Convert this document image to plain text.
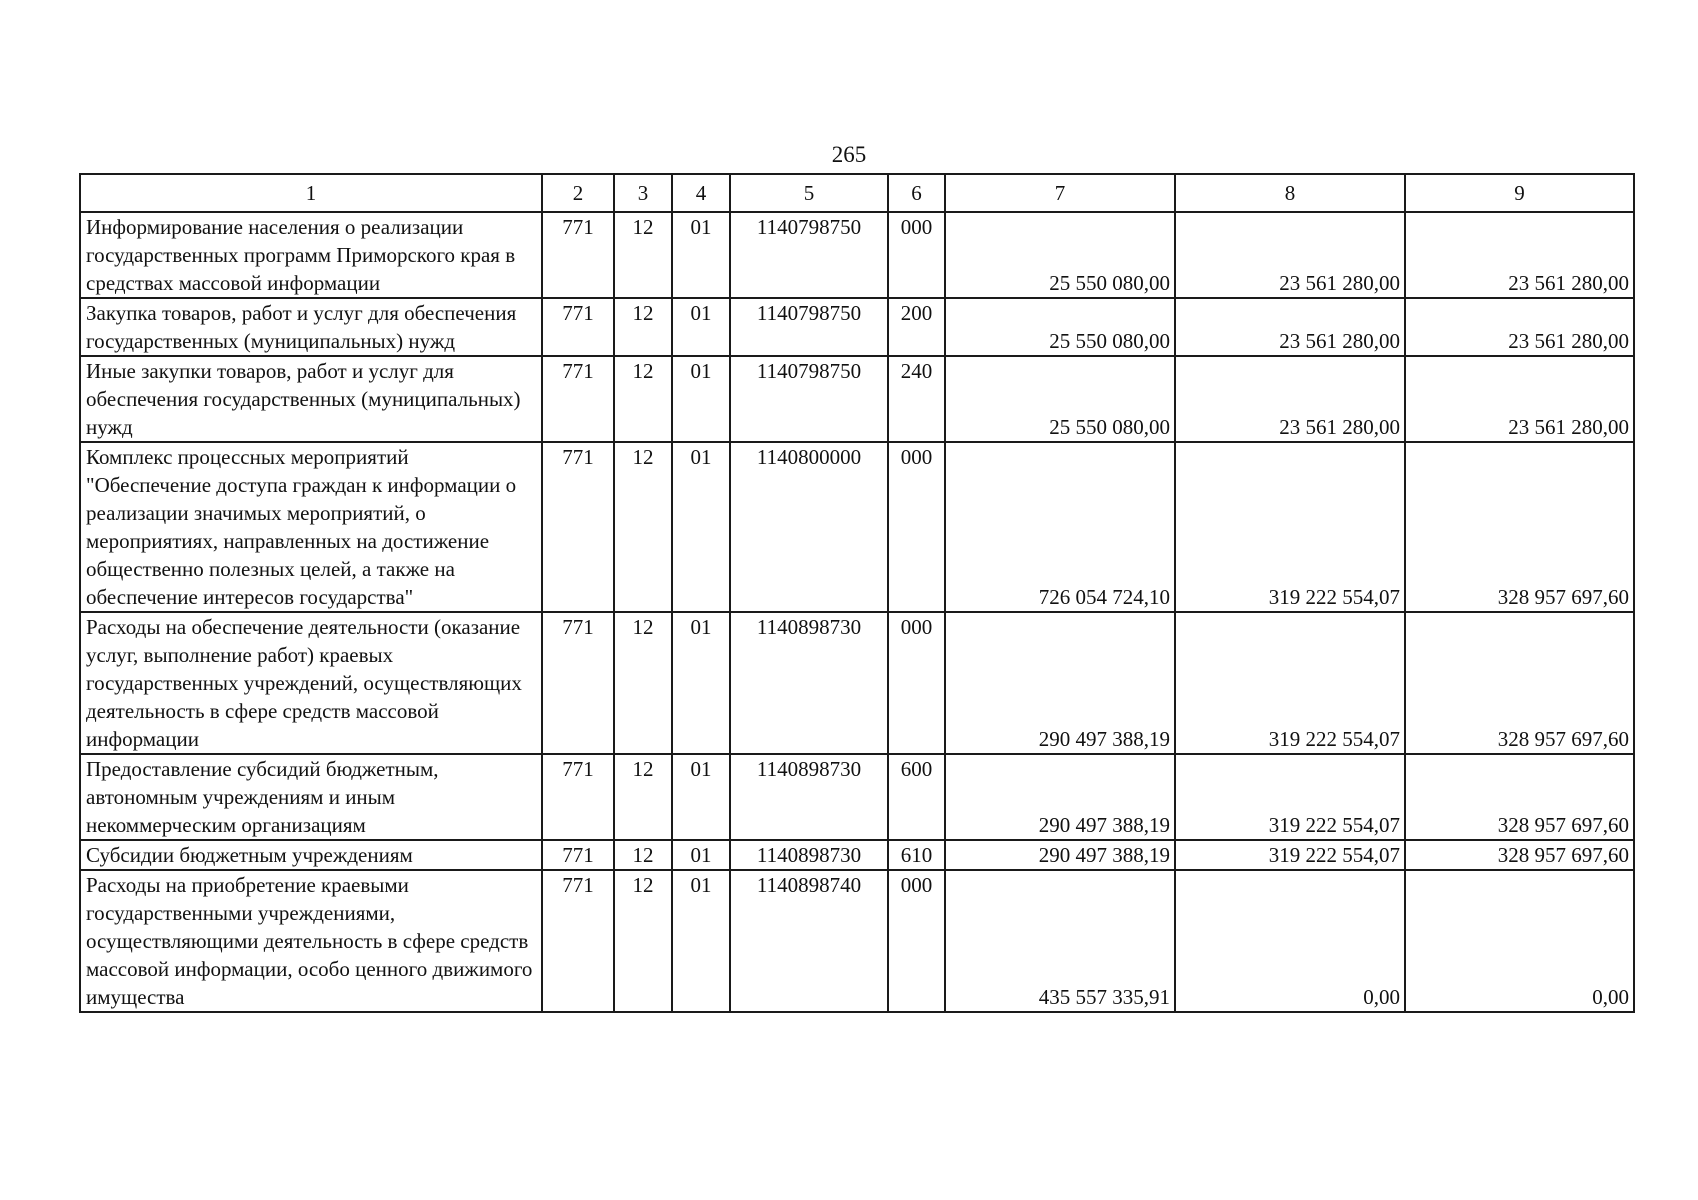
265
1	2	3	4	5	6	7	8	9
Информирование населения о реализации государственных программ Приморского края в средствах массовой информации	771	12	01	1140798750	000	25 550 080,00	23 561 280,00	23 561 280,00
Закупка товаров, работ и услуг для обеспечения государственных (муниципальных) нужд	771	12	01	1140798750	200	25 550 080,00	23 561 280,00	23 561 280,00
Иные закупки товаров, работ и услуг для обеспечения государственных (муниципальных) нужд	771	12	01	1140798750	240	25 550 080,00	23 561 280,00	23 561 280,00
Комплекс процессных мероприятий "Обеспечение доступа граждан к информации о реализации значимых мероприятий, о мероприятиях, направленных на достижение общественно полезных целей, а также на обеспечение интересов государства"	771	12	01	1140800000	000	726 054 724,10	319 222 554,07	328 957 697,60
Расходы на обеспечение деятельности (оказание услуг, выполнение работ) краевых государственных учреждений, осуществляющих деятельность в сфере средств массовой информации	771	12	01	1140898730	000	290 497 388,19	319 222 554,07	328 957 697,60
Предоставление субсидий бюджетным, автономным учреждениям и иным некоммерческим организациям	771	12	01	1140898730	600	290 497 388,19	319 222 554,07	328 957 697,60
Субсидии бюджетным учреждениям	771	12	01	1140898730	610	290 497 388,19	319 222 554,07	328 957 697,60
Расходы на приобретение краевыми государственными учреждениями, осуществляющими деятельность в сфере средств массовой информации, особо ценного движимого имущества	771	12	01	1140898740	000	435 557 335,91	0,00	0,00
